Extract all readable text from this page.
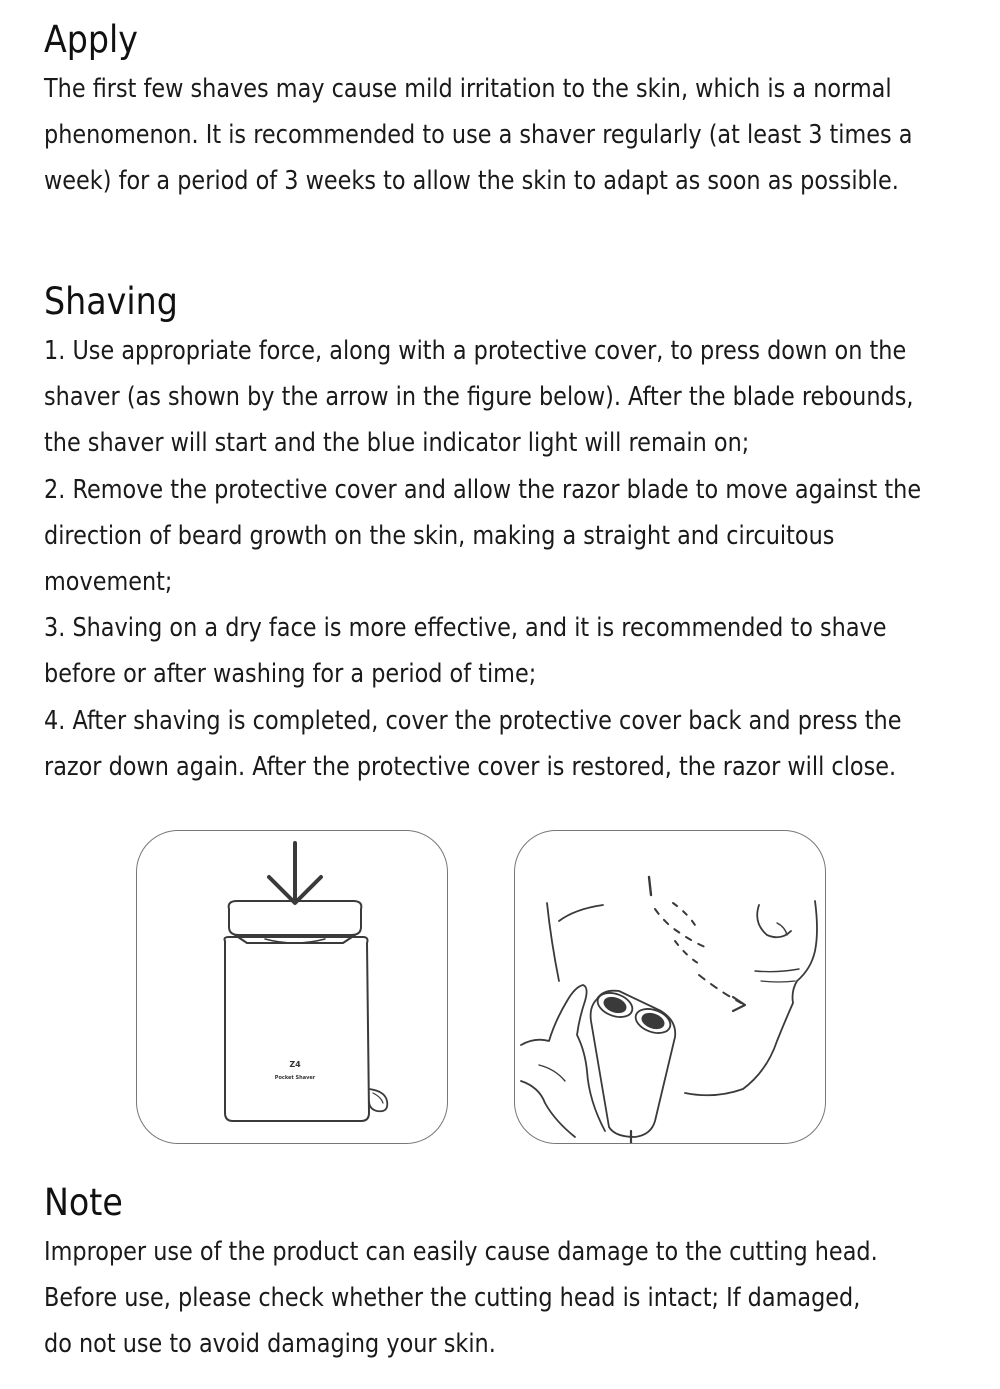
Apply

The first few shaves may cause mild irritation to the skin, which is a normal
phenomenon. It is recommended to use a shaver regularly (at least 3 times a
week) for a period of 3 weeks to allow the skin to adapt as soon as possible.

Shaving

1. Use appropriate force, along with a protective cover, to press down on the
shaver (as shown by the arrow in the figure below). After the blade rebounds,
the shaver will start and the blue indicator light will remain on;
2. Remove the protective cover and allow the razor blade to move against the
direction of beard growth on the skin, making a straight and circuitous
movement;
3. Shaving on a dry face is more effective, and it is recommended to shave
before or after washing for a period of time;
4. After shaving is completed, cover the protective cover back and press the
razor down again. After the protective cover is restored, the razor will close.

Z4
Pocket Shaver
Note

Improper use of the product can easily cause damage to the cutting head.
Before use, please check whether the cutting head is intact; If damaged,
do not use to avoid damaging your skin.
